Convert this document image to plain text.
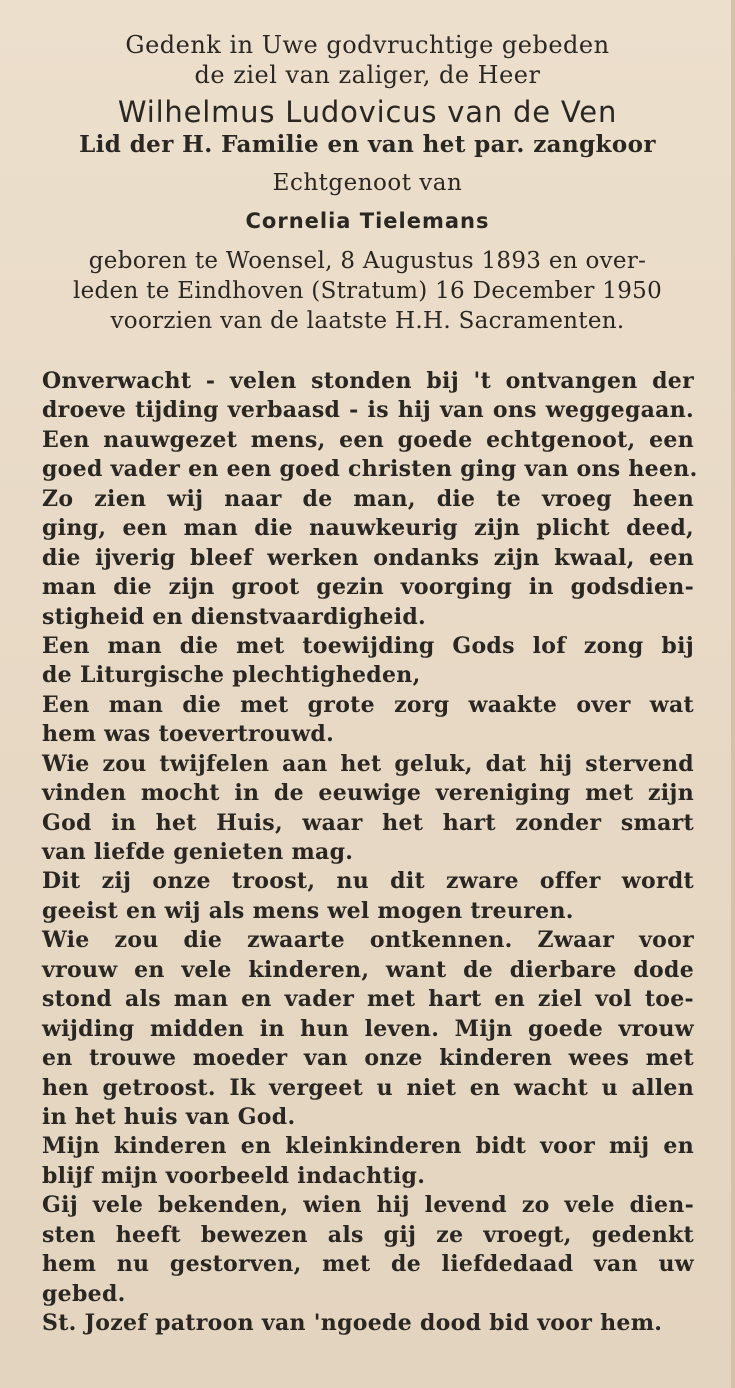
Gedenk in Uwe godvruchtige gebeden

de ziel van zaliger, de Heer

Wilhelmus Ludovicus van de Ven

Lid der H. Familie en van het par. zangkoor

Echtgenoot van

Cornelia Tielemans

geboren te Woensel, 8 Augustus 1893 en over-

leden te Eindhoven (Stratum) 16 December 1950

voorzien van de laatste H.H. Sacramenten.

Onverwacht - velen stonden bij 't ontvangen der
droeve tijding verbaasd - is hij van ons weggegaan.
Een nauwgezet mens, een goede echtgenoot, een
goed vader en een goed christen ging van ons heen.
Zo zien wij naar de man, die te vroeg heen
ging, een man die nauwkeurig zijn plicht deed,
die ijverig bleef werken ondanks zijn kwaal, een
man die zijn groot gezin voorging in godsdien-
stigheid en dienstvaardigheid.
Een man die met toewijding Gods lof zong bij
de Liturgische plechtigheden,
Een man die met grote zorg waakte over wat
hem was toevertrouwd.
Wie zou twijfelen aan het geluk, dat hij stervend
vinden mocht in de eeuwige vereniging met zijn
God in het Huis, waar het hart zonder smart
van liefde genieten mag.
Dit zij onze troost, nu dit zware offer wordt
geeist en wij als mens wel mogen treuren.
Wie zou die zwaarte ontkennen. Zwaar voor
vrouw en vele kinderen, want de dierbare dode
stond als man en vader met hart en ziel vol toe-
wijding midden in hun leven. Mijn goede vrouw
en trouwe moeder van onze kinderen wees met
hen getroost. Ik vergeet u niet en wacht u allen
in het huis van God.
Mijn kinderen en kleinkinderen bidt voor mij en
blijf mijn voorbeeld indachtig.
Gij vele bekenden, wien hij levend zo vele dien-
sten heeft bewezen als gij ze vroegt, gedenkt
hem nu gestorven, met de liefdedaad van uw
gebed.
St. Jozef patroon van 'ngoede dood bid voor hem.
